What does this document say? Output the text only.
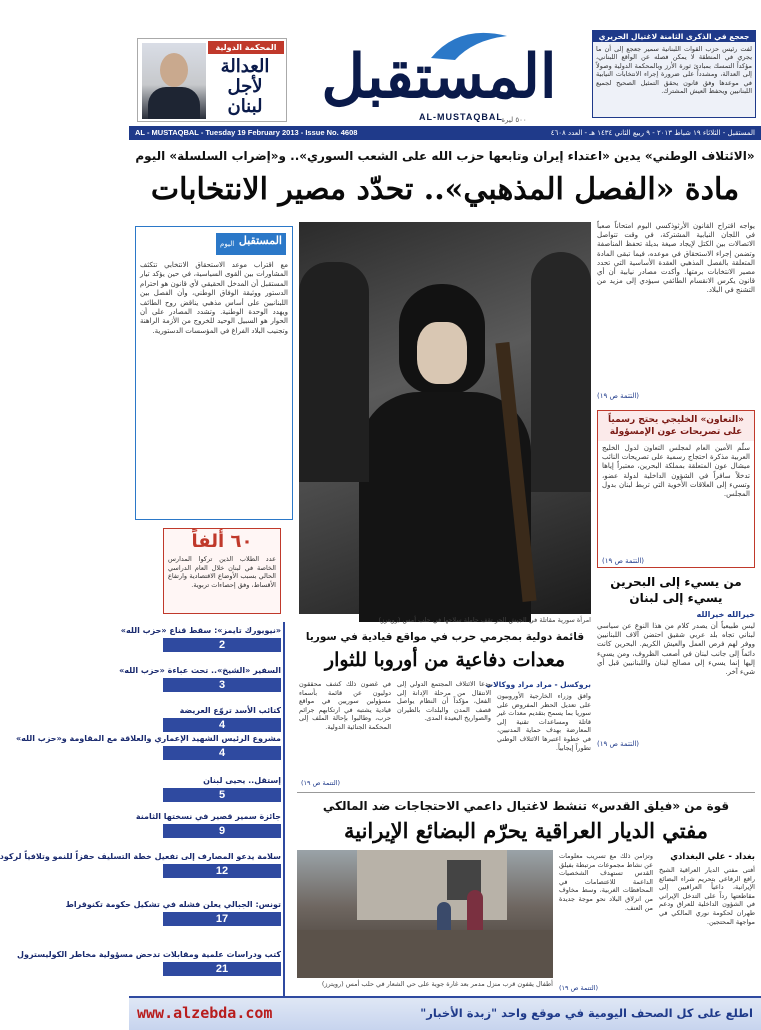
جعجع في الذكرى الثامنة لاغتيال الحريري
لفت رئيس حزب القوات اللبنانية سمير جعجع إلى أن ما يجري في المنطقة لا يمكن فصله عن الواقع اللبناني، مؤكداً التمسك بمبادئ ثورة الأرز وبالمحكمة الدولية وصولاً إلى العدالة، ومشدداً على ضرورة إجراء الانتخابات النيابية في موعدها وفق قانون يحقق التمثيل الصحيح لجميع اللبنانيين ويحفظ العيش المشترك.
المستقبل
AL-MUSTAQBAL
٥٠٠ ليرة
المحكمة الدولية
العدالة
لأجل
لبنان
AL - MUSTAQBAL - Tuesday 19 February 2013 - Issue No. 4608	المستقبل - الثلاثاء ١٩ شباط ٢٠١٣ - ٩ ربيع الثاني ١٤٣٤ هـ - العدد ٤٦٠٨
«الائتلاف الوطني» يدين «اعتداء إيران وتابعها حزب الله على الشعب السوري».. و«إضراب السلسلة» اليوم
مادة «الفصل المذهبي».. تحدّد مصير الانتخابات
يواجه اقتراح القانون الأرثوذكسي اليوم امتحاناً صعباً في اللجان النيابية المشتركة، في وقت تتواصل الاتصالات بين الكتل لإيجاد صيغة بديلة تحفظ المناصفة وتضمن إجراء الاستحقاق في موعده، فيما تبقى المادة المتعلقة بالفصل المذهبي العقدة الأساسية التي تحدد مصير الانتخابات برمتها. وأكدت مصادر نيابية أن أي قانون يكرس الانقسام الطائفي سيؤدي إلى مزيد من التشنج في البلاد.
(التتمة ص ١٩)
«التعاون» الخليجي يحتج رسمياً على تصريحات عون الإمسؤولة
سلّم الأمين العام لمجلس التعاون لدول الخليج العربية مذكرة احتجاج رسمية على تصريحات النائب ميشال عون المتعلقة بمملكة البحرين، معتبراً إياها تدخلاً سافراً في الشؤون الداخلية لدولة عضو، وتسيء إلى العلاقات الأخوية التي تربط لبنان بدول المجلس.
(التتمة ص ١٩)
من يسيء إلى البحرين
يسيء إلى لبنان
خيرالله خيرالله
ليس طبيعياً أن يصدر كلام من هذا النوع عن سياسي لبناني تجاه بلد عربي شقيق احتضن آلاف اللبنانيين ووفر لهم فرص العمل والعيش الكريم. البحرين كانت دائماً إلى جانب لبنان في أصعب الظروف، ومن يسيء إليها إنما يسيء إلى مصالح لبنان واللبنانيين قبل أي شيء آخر.
(التتمة ص ١٩)
المستقبل
اليوم
مع اقتراب موعد الاستحقاق الانتخابي تتكثف المشاورات بين القوى السياسية، في حين يؤكد تيار المستقبل أن المدخل الحقيقي لأي قانون هو احترام الدستور ووثيقة الوفاق الوطني، وأن الفصل بين اللبنانيين على أساس مذهبي يناقض روح الطائف ويهدد الوحدة الوطنية. وتشدد المصادر على أن الحوار هو السبيل الوحيد للخروج من الأزمة الراهنة وتجنيب البلاد الفراغ في المؤسسات الدستورية.
٦٠ ألفاً
عدد الطلاب الذين تركوا المدارس الخاصة في لبنان خلال العام الدراسي الحالي بسبب الأوضاع الاقتصادية وارتفاع الأقساط، وفق إحصاءات تربوية.
امرأة سورية مقاتلة في الجيش الحر تقف حاملة سلاحها في حلب أمس (رويترز)
قائمة دولية بمجرمي حرب في مواقع قيادية في سوريا
معدات دفاعية من أوروبا للثوار
بروكسل - مراد مراد ووكالات
وافق وزراء الخارجية الأوروبيون على تعديل الحظر المفروض على سوريا بما يسمح بتقديم معدات غير قاتلة ومساعدات تقنية إلى المعارضة بهدف حماية المدنيين، في خطوة اعتبرها الائتلاف الوطني تطوراً إيجابياً.
ودعا الائتلاف المجتمع الدولي إلى الانتقال من مرحلة الإدانة إلى الفعل، مؤكداً أن النظام يواصل قصف المدن والبلدات بالطيران والصواريخ البعيدة المدى.
في غضون ذلك كشف محققون دوليون عن قائمة بأسماء مسؤولين سوريين في مواقع قيادية يشتبه في ارتكابهم جرائم حرب، وطالبوا بإحالة الملف إلى المحكمة الجنائية الدولية.
(التتمة ص ١٩)
«نيويورك تايمز»: سقط قناع «حزب الله»
2
السفير «الشيخ».. تحت عباءة «حزب الله»
3
كتائب الأسد تروّع العريضة
4
مشروع الرئيس الشهيد الإعماري والعلاقة مع المقاومة و«حزب الله»
4
إستقل.. يحيى لبنان
5
جائزة سمير قصير في نسختها الثامنة
9
سلامة يدعو المصارف إلى تفعيل خطة التسليف حفزاً للنمو وتلافياً لركود
12
تونس: الجبالي يعلن فشله في تشكيل حكومة تكنوقراط
17
كتب ودراسات علمية ومقابلات تدحض مسؤولية مخاطر الكوليسترول
21
قوة من «فيلق القدس» تنشط لاغتيال داعمي الاحتجاجات ضد المالكي
مفتي الديار العراقية يحرّم البضائع الإيرانية
بغداد - علي البغدادي
أفتى مفتي الديار العراقية الشيخ رافع الرفاعي بتحريم شراء البضائع الإيرانية، داعياً العراقيين إلى مقاطعتها رداً على التدخل الإيراني في الشؤون الداخلية للعراق ودعم طهران لحكومة نوري المالكي في مواجهة المحتجين.
وتزامن ذلك مع تسريب معلومات عن نشاط مجموعات مرتبطة بفيلق القدس تستهدف الشخصيات الداعمة للاعتصامات في المحافظات الغربية، وسط مخاوف من انزلاق البلاد نحو موجة جديدة من العنف.
(التتمة ص ١٩)
أطفال يقفون قرب منزل مدمر بعد غارة جوية على حي الشعار في حلب أمس (رويترز)
www.alzebda.com	اطلع على كل الصحف اليومية في موقع واحد "زبدة الأخبار"
